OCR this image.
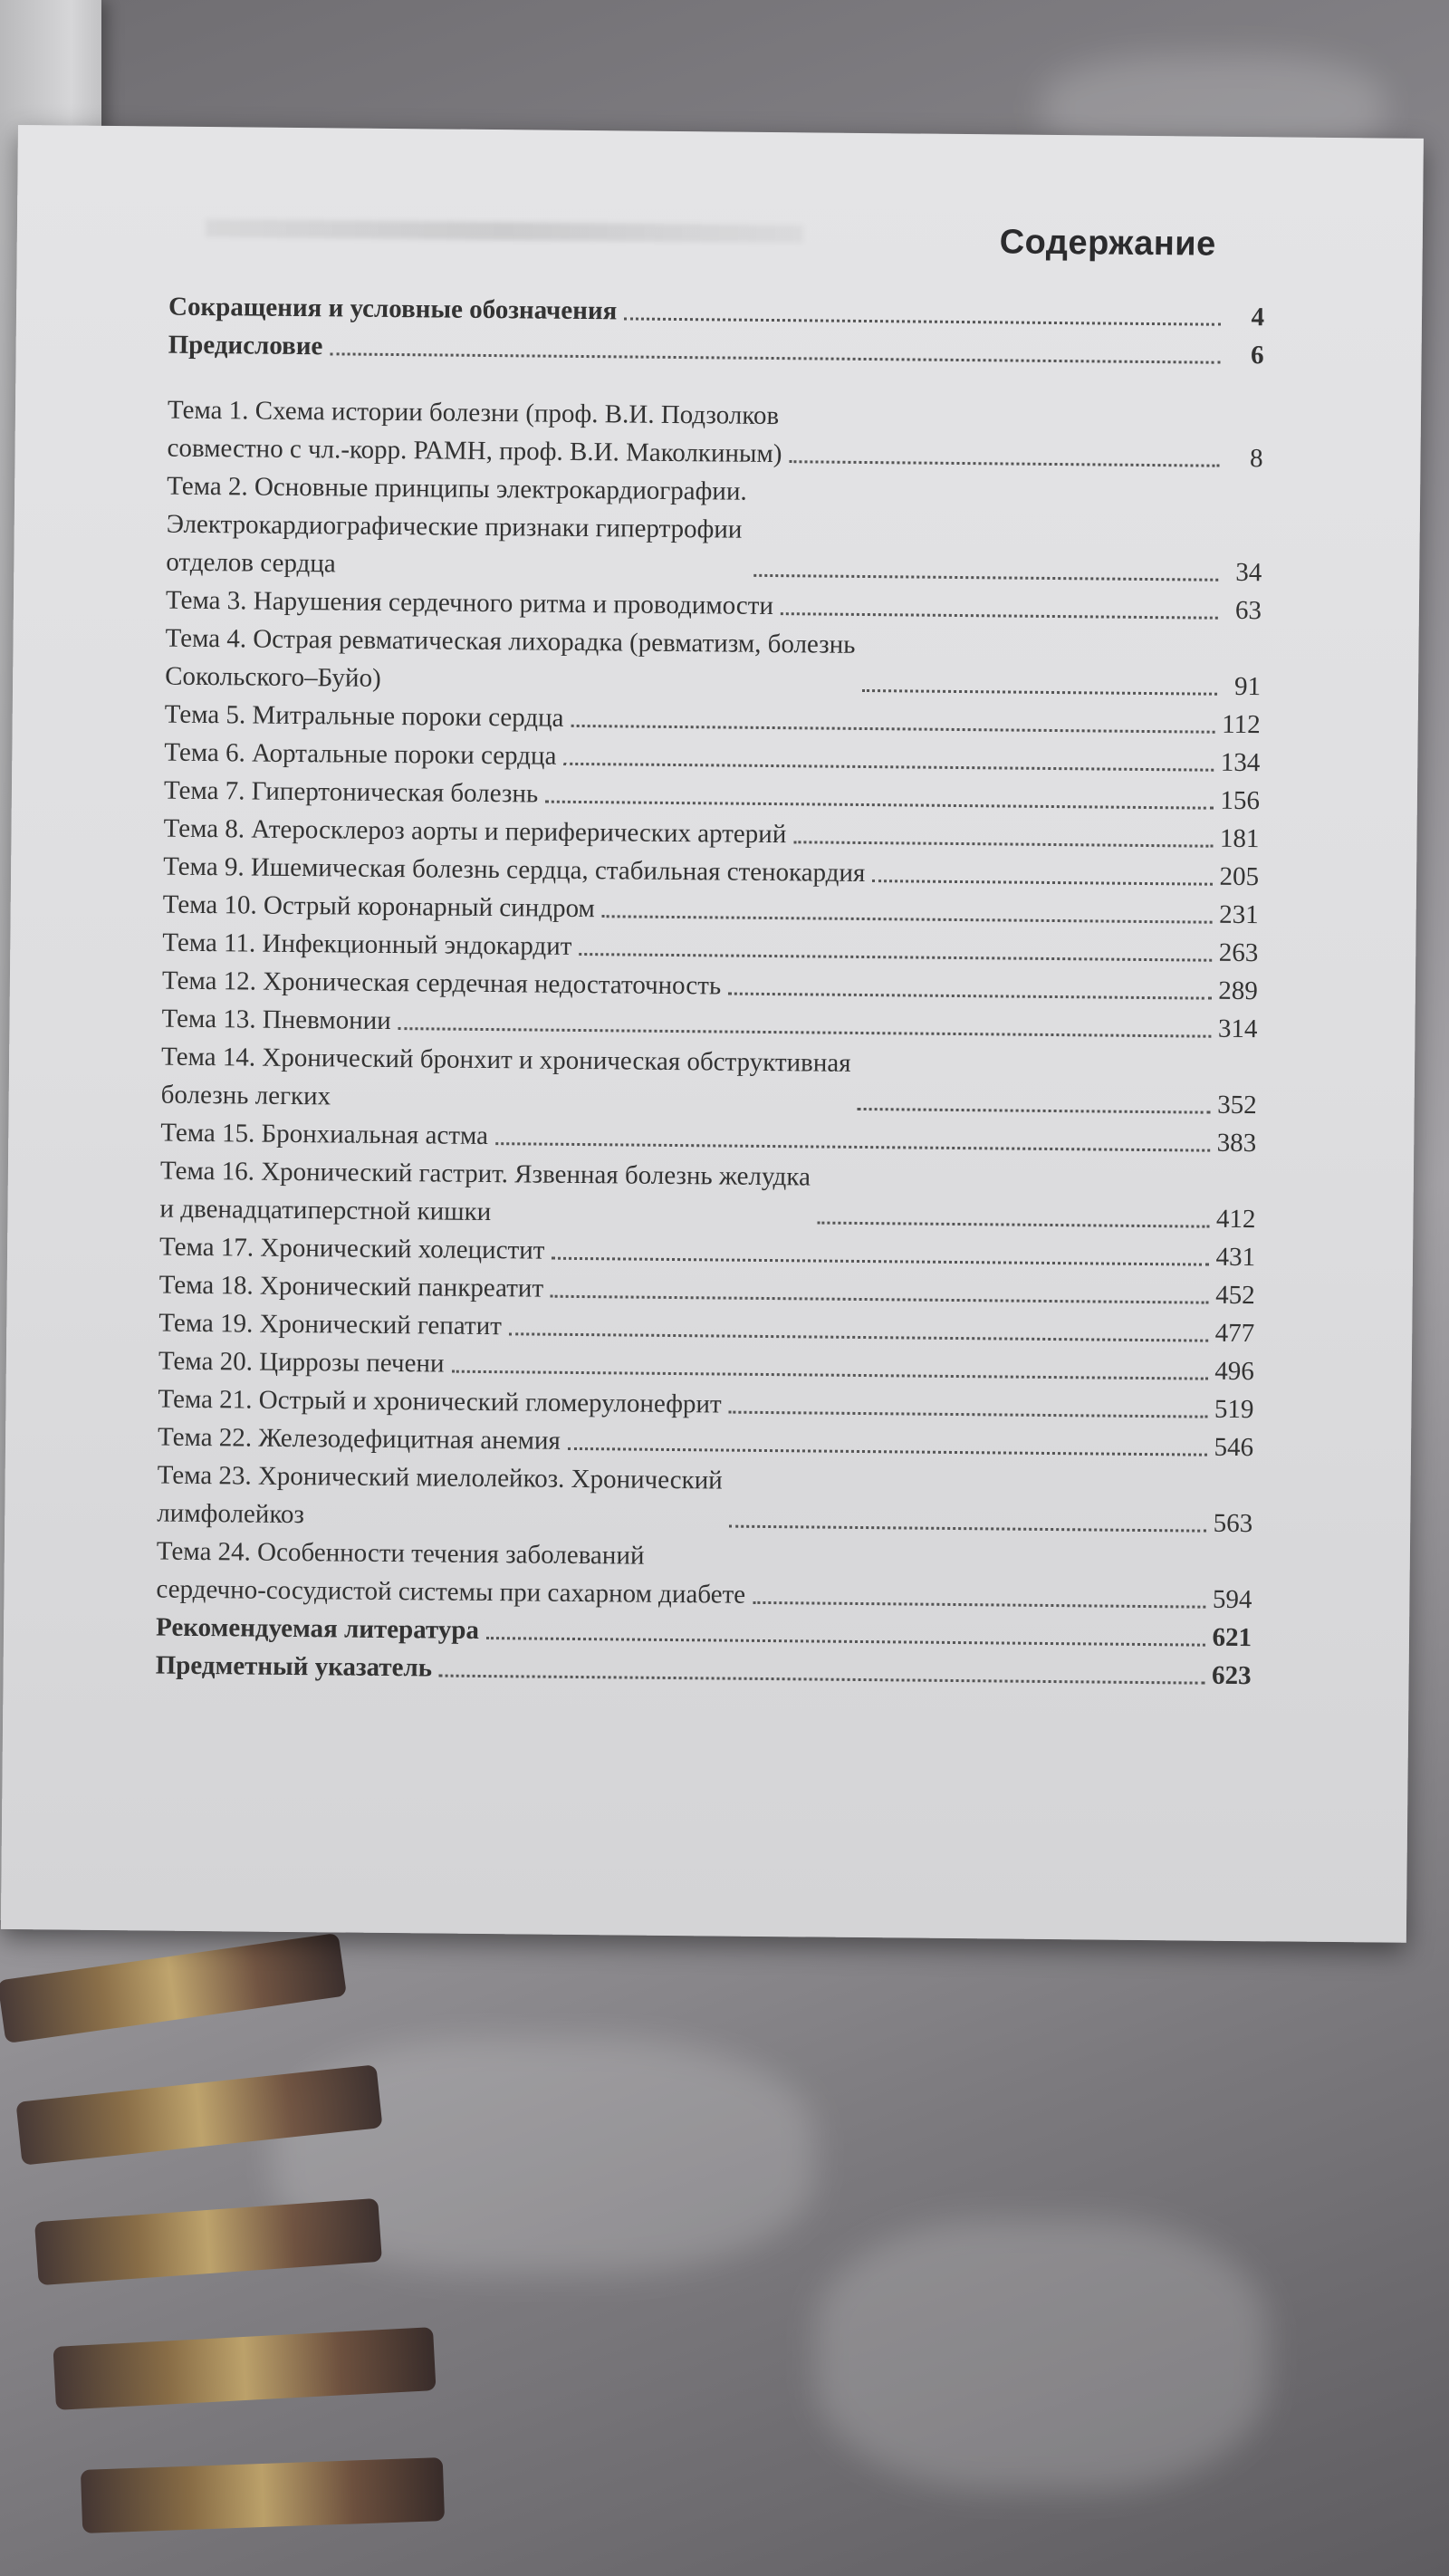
Содержание
Сокращения и условные обозначения	4
Предисловие	6
Тема 1. Схема истории болезни (проф. В.И. Подзолков
совместно с чл.-корр. РАМН, проф. В.И. Маколкиным)	8
Тема 2. Основные принципы электрокардиографии.
Электрокардиографические признаки гипертрофии
отделов сердца	34
Тема 3. Нарушения сердечного ритма и проводимости	63
Тема 4. Острая ревматическая лихорадка (ревматизм, болезнь
Сокольского–Буйо)	91
Тема 5. Митральные пороки сердца	112
Тема 6. Аортальные пороки сердца	134
Тема 7. Гипертоническая болезнь	156
Тема 8. Атеросклероз аорты и периферических артерий	181
Тема 9. Ишемическая болезнь сердца, стабильная стенокардия	205
Тема 10. Острый коронарный синдром	231
Тема 11. Инфекционный эндокардит	263
Тема 12. Хроническая сердечная недостаточность	289
Тема 13. Пневмонии	314
Тема 14. Хронический бронхит и хроническая обструктивная
болезнь легких	352
Тема 15. Бронхиальная астма	383
Тема 16. Хронический гастрит. Язвенная болезнь желудка
и двенадцатиперстной кишки	412
Тема 17. Хронический холецистит	431
Тема 18. Хронический панкреатит	452
Тема 19. Хронический гепатит	477
Тема 20. Циррозы печени	496
Тема 21. Острый и хронический гломерулонефрит	519
Тема 22. Железодефицитная анемия	546
Тема 23. Хронический миелолейкоз. Хронический
лимфолейкоз	563
Тема 24. Особенности течения заболеваний
сердечно-сосудистой системы при сахарном диабете	594
Рекомендуемая литература	621
Предметный указатель	623
